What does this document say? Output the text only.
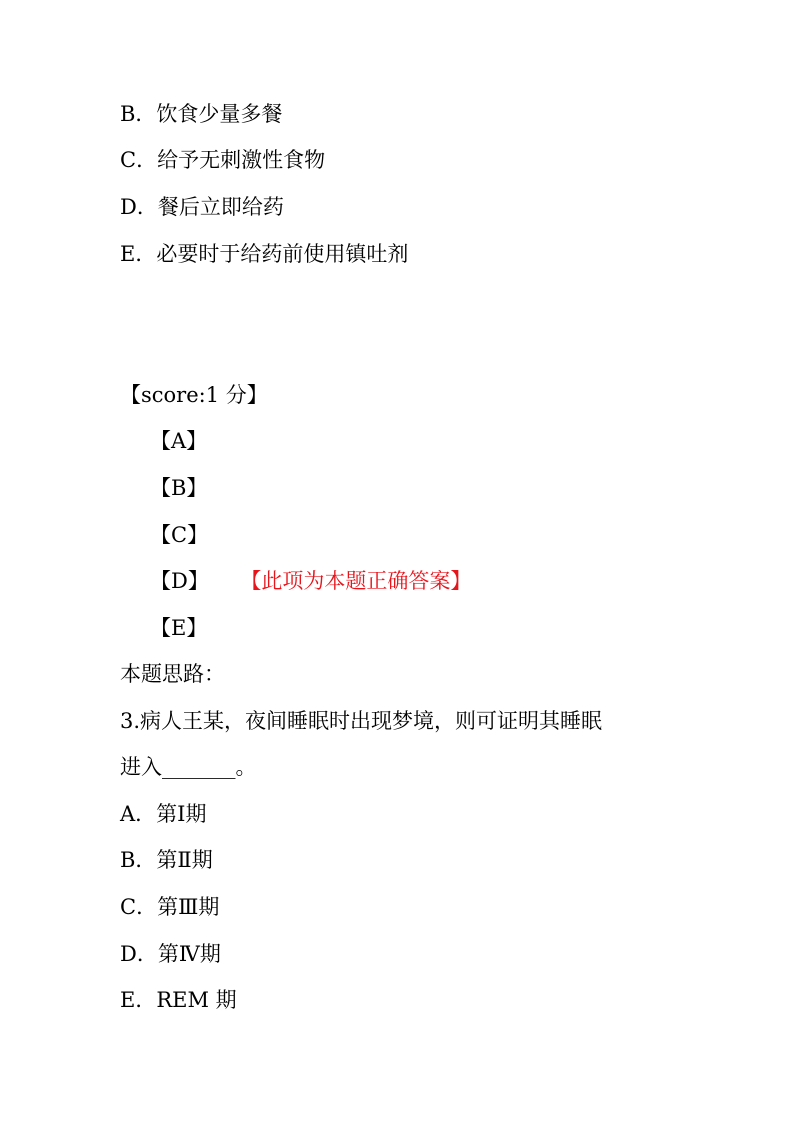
B．饮食少量多餐
C．给予无刺激性食物
D．餐后立即给药
E．必要时于给药前使用镇吐剂
【score:1 分】
【A】
【B】
【C】
【D】 【此项为本题正确答案】
【E】
本题思路：
3.病人王某，夜间睡眠时出现梦境，则可证明其睡眠
进入_______。
A．第Ⅰ期
B．第Ⅱ期
C．第Ⅲ期
D．第Ⅳ期
E．REM 期
